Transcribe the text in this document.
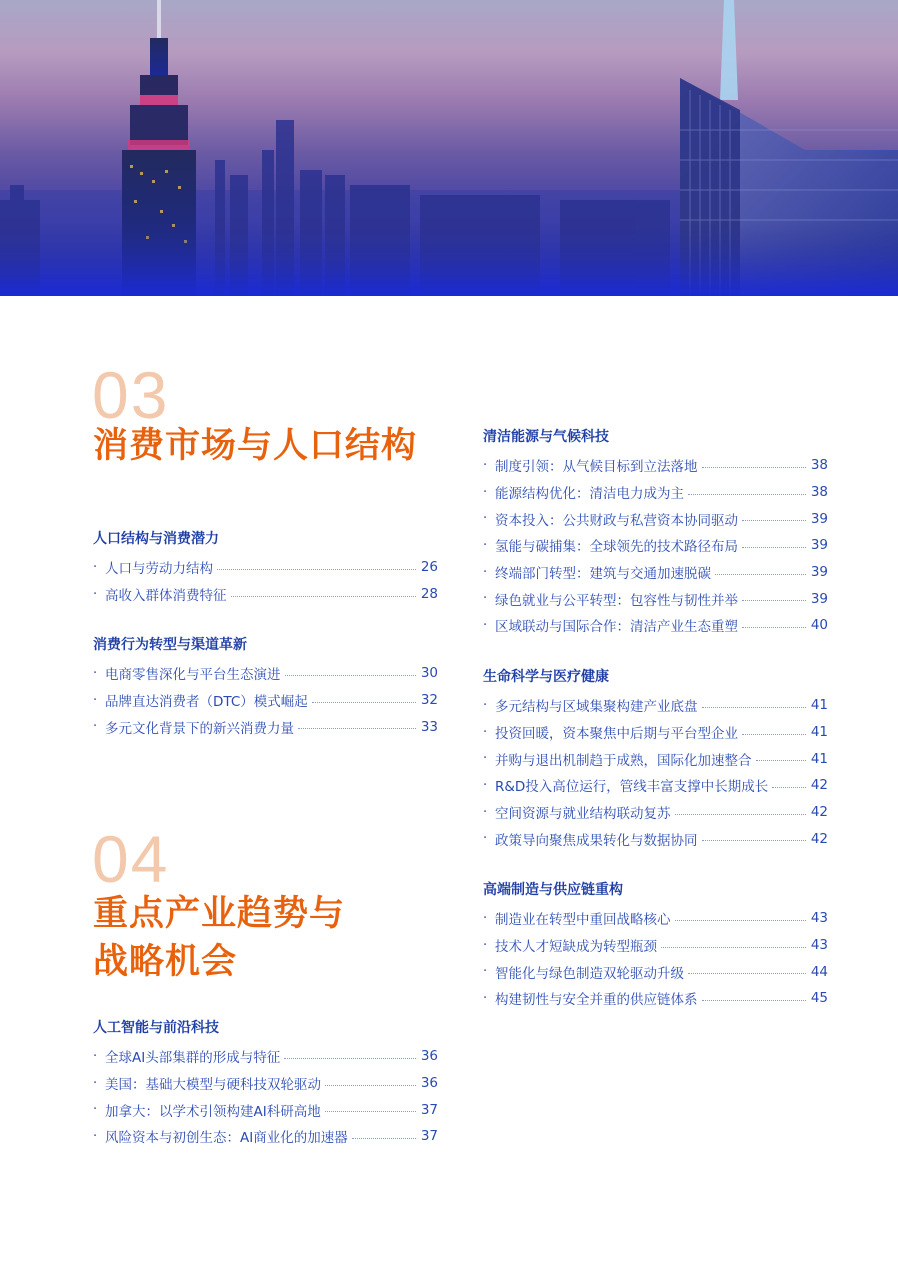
03
消费市场与人口结构
人口结构与消费潜力
· 人口与劳动力结构	26
· 高收入群体消费特征	28
消费行为转型与渠道革新
· 电商零售深化与平台生态演进	30
· 品牌直达消费者（DTC）模式崛起	32
· 多元文化背景下的新兴消费力量	33
04
重点产业趋势与
战略机会
人工智能与前沿科技
· 全球AI头部集群的形成与特征	36
· 美国：基础大模型与硬科技双轮驱动	36
· 加拿大：以学术引领构建AI科研高地	37
· 风险资本与初创生态：AI商业化的加速器	37
清洁能源与气候科技
· 制度引领：从气候目标到立法落地	38
· 能源结构优化：清洁电力成为主	38
· 资本投入：公共财政与私营资本协同驱动	39
· 氢能与碳捕集：全球领先的技术路径布局	39
· 终端部门转型：建筑与交通加速脱碳	39
· 绿色就业与公平转型：包容性与韧性并举	39
· 区域联动与国际合作：清洁产业生态重塑	40
生命科学与医疗健康
· 多元结构与区域集聚构建产业底盘	41
· 投资回暖，资本聚焦中后期与平台型企业	41
· 并购与退出机制趋于成熟，国际化加速整合	41
· R&D投入高位运行，管线丰富支撑中长期成长	42
· 空间资源与就业结构联动复苏	42
· 政策导向聚焦成果转化与数据协同	42
高端制造与供应链重构
· 制造业在转型中重回战略核心	43
· 技术人才短缺成为转型瓶颈	43
· 智能化与绿色制造双轮驱动升级	44
· 构建韧性与安全并重的供应链体系	45
